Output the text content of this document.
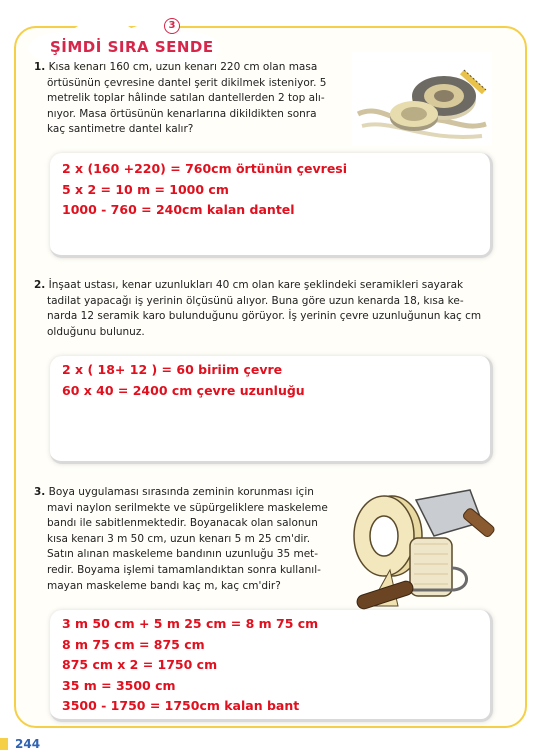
3
ŞİMDİ SIRA SENDE
1. Kısa kenarı 160 cm, uzun kenarı 220 cm olan masa
örtüsünün çevresine dantel şerit dikilmek isteniyor. 5
metrelik toplar hâlinde satılan dantellerden 2 top alı-
nıyor. Masa örtüsünün kenarlarına dikildikten sonra
kaç santimetre dantel kalır?
2 x (160 +220) = 760cm örtünün çevresi
5 x 2 = 10 m = 1000 cm
1000 - 760 = 240cm kalan dantel
2. İnşaat ustası, kenar uzunlukları 40 cm olan kare şeklindeki seramikleri sayarak
tadilat yapacağı iş yerinin ölçüsünü alıyor. Buna göre uzun kenarda 18, kısa ke-
narda 12 seramik karo bulunduğunu görüyor. İş yerinin çevre uzunluğunun kaç cm
olduğunu bulunuz.
2 x ( 18+ 12 ) = 60 biriim çevre
60 x 40 = 2400 cm çevre uzunluğu
3. Boya uygulaması sırasında zeminin korunması için
mavi naylon serilmekte ve süpürgeliklere maskeleme
bandı ile sabitlenmektedir. Boyanacak olan salonun
kısa kenarı 3 m 50 cm, uzun kenarı 5 m 25 cm'dir.
Satın alınan maskeleme bandının uzunluğu 35 met-
redir. Boyama işlemi tamamlandıktan sonra kullanıl-
mayan maskeleme bandı kaç m, kaç cm'dir?
3 m 50 cm + 5 m 25 cm = 8 m 75 cm
8 m 75 cm = 875 cm
875 cm x 2 = 1750 cm
35 m = 3500 cm
3500 - 1750 = 1750cm kalan bant
244
